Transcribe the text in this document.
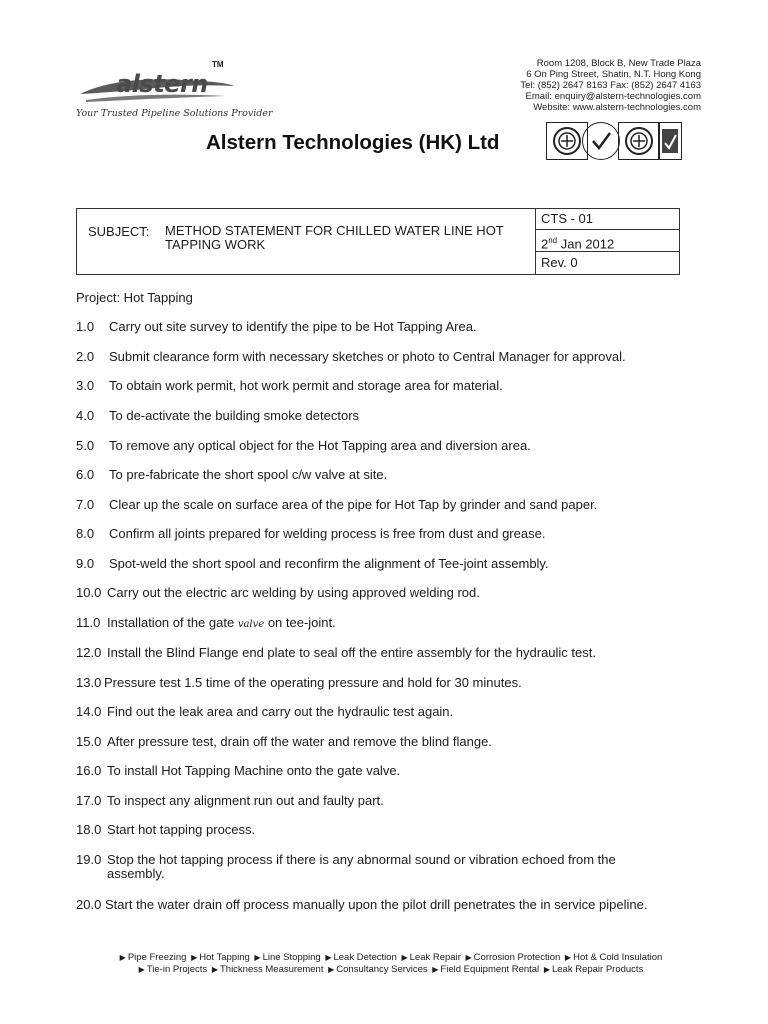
TM
alstern
Your Trusted Pipeline Solutions Provider
Room 1208, Block B, New Trade Plaza
6 On Ping Street, Shatin, N.T. Hong Kong
Tel: (852) 2647 8163 Fax: (852) 2647 4163
Email: enquiry@alstern-technologies.com
Website: www.alstern-technologies.com
Alstern Technologies (HK) Ltd
SUBJECT: METHOD STATEMENT FOR CHILLED WATER LINE HOT TAPPING WORK
CTS - 01
2nd Jan 2012
Rev. 0
Project: Hot Tapping
1.0 Carry out site survey to identify the pipe to be Hot Tapping Area.
2.0 Submit clearance form with necessary sketches or photo to Central Manager for approval.
3.0 To obtain work permit, hot work permit and storage area for material.
4.0 To de-activate the building smoke detectors
5.0 To remove any optical object for the Hot Tapping area and diversion area.
6.0 To pre-fabricate the short spool c/w valve at site.
7.0 Clear up the scale on surface area of the pipe for Hot Tap by grinder and sand paper.
8.0 Confirm all joints prepared for welding process is free from dust and grease.
9.0 Spot-weld the short spool and reconfirm the alignment of Tee-joint assembly.
10.0 Carry out the electric arc welding by using approved welding rod.
11.0 Installation of the gate valve on tee-joint.
12.0 Install the Blind Flange end plate to seal off the entire assembly for the hydraulic test.
13.0 Pressure test 1.5 time of the operating pressure and hold for 30 minutes.
14.0 Find out the leak area and carry out the hydraulic test again.
15.0 After pressure test, drain off the water and remove the blind flange.
16.0 To install Hot Tapping Machine onto the gate valve.
17.0 To inspect any alignment run out and faulty part.
18.0 Start hot tapping process.
19.0 Stop the hot tapping process if there is any abnormal sound or vibration echoed from the assembly.
20.0 Start the water drain off process manually upon the pilot drill penetrates the in service pipeline.
▶ Pipe Freezing ▶ Hot Tapping ▶ Line Stopping ▶ Leak Detection ▶ Leak Repair ▶ Corrosion Protection ▶ Hot & Cold Insulation
▶ Tie-in Projects ▶ Thickness Measurement ▶ Consultancy Services ▶ Field Equipment Rental ▶ Leak Repair Products
